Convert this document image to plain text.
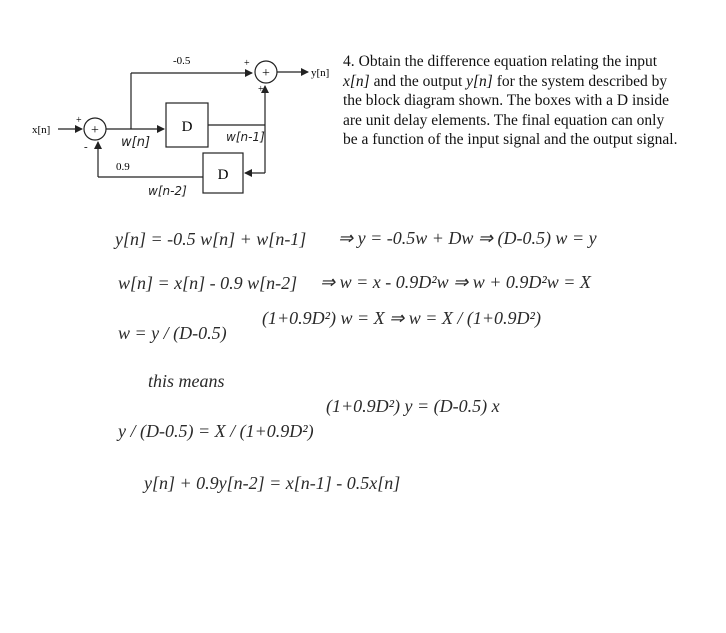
x[n]	+
+
-
-0.5
D
+
+
+
y[n]
D
0.9
w[n]	w[n-1]
w[n-2]
y[n] = -0.5 w[n] + w[n-1] ⇒ y = -0.5w + Dw ⇒ (D-0.5) w = y
w[n] = x[n] - 0.9 w[n-2] ⇒ w = x - 0.9D²w ⇒ w + 0.9D²w = X
w = y / (D-0.5)
(1+0.9D²) w = X ⇒ w = X / (1+0.9D²)
this means
y / (D-0.5) = X / (1+0.9D²)
(1+0.9D²) y = (D-0.5) x
y[n] + 0.9y[n-2] = x[n-1] - 0.5x[n]
4. Obtain the difference equation relating the input x[n] and the output y[n] for the system described by the block diagram shown. The boxes with a D inside are unit delay elements. The final equation can only be a function of the input signal and the output signal.
